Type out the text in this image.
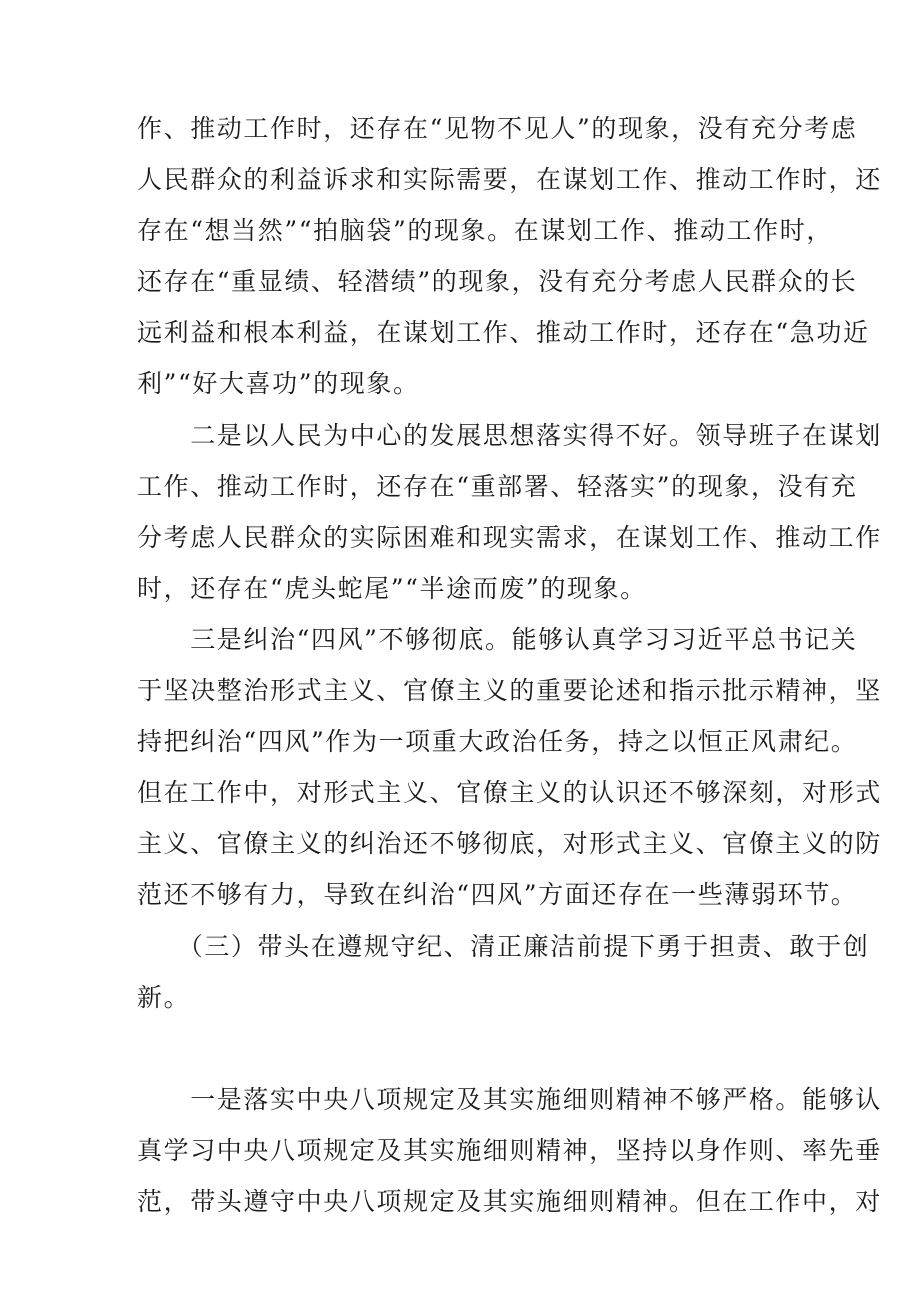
作、推动工作时，还存在“见物不见人”的现象，没有充分考虑
人民群众的利益诉求和实际需要，在谋划工作、推动工作时，还
存在“想当然”“拍脑袋”的现象。在谋划工作、推动工作时，
还存在“重显绩、轻潜绩”的现象，没有充分考虑人民群众的长
远利益和根本利益，在谋划工作、推动工作时，还存在“急功近
利”“好大喜功”的现象。
　　二是以人民为中心的发展思想落实得不好。领导班子在谋划
工作、推动工作时，还存在“重部署、轻落实”的现象，没有充
分考虑人民群众的实际困难和现实需求，在谋划工作、推动工作
时，还存在“虎头蛇尾”“半途而废”的现象。
　　三是纠治“四风”不够彻底。能够认真学习习近平总书记关
于坚决整治形式主义、官僚主义的重要论述和指示批示精神，坚
持把纠治“四风”作为一项重大政治任务，持之以恒正风肃纪。
但在工作中，对形式主义、官僚主义的认识还不够深刻，对形式
主义、官僚主义的纠治还不够彻底，对形式主义、官僚主义的防
范还不够有力，导致在纠治“四风”方面还存在一些薄弱环节。
　　（三）带头在遵规守纪、清正廉洁前提下勇于担责、敢于创
新。
　　一是落实中央八项规定及其实施细则精神不够严格。能够认
真学习中央八项规定及其实施细则精神，坚持以身作则、率先垂
范，带头遵守中央八项规定及其实施细则精神。但在工作中，对
